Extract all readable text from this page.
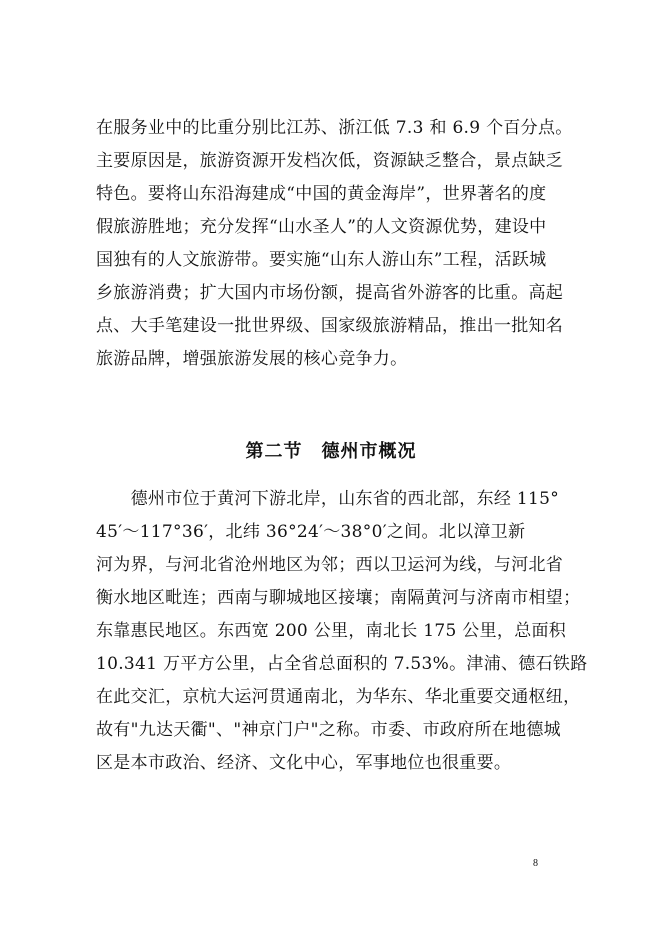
在服务业中的比重分别比江苏、浙江低 7.3 和 6.9 个百分点。
主要原因是，旅游资源开发档次低，资源缺乏整合，景点缺乏
特色。要将山东沿海建成“中国的黄金海岸”，世界著名的度
假旅游胜地；充分发挥“山水圣人”的人文资源优势，建设中
国独有的人文旅游带。要实施“山东人游山东”工程，活跃城
乡旅游消费；扩大国内市场份额，提高省外游客的比重。高起
点、大手笔建设一批世界级、国家级旅游精品，推出一批知名
旅游品牌，增强旅游发展的核心竞争力。
第二节　德州市概况
　　德州市位于黄河下游北岸，山东省的西北部，东经 115°
45′～117°36′，北纬 36°24′～38°0′之间。北以漳卫新
河为界，与河北省沧州地区为邻；西以卫运河为线，与河北省
衡水地区毗连；西南与聊城地区接壤；南隔黄河与济南市相望；
东靠惠民地区。东西宽 200 公里，南北长 175 公里，总面积
10.341 万平方公里，占全省总面积的 7.53%。津浦、德石铁路
在此交汇，京杭大运河贯通南北，为华东、华北重要交通枢纽，
故有"九达天衢"、"神京门户"之称。市委、市政府所在地德城
区是本市政治、经济、文化中心，军事地位也很重要。
8
